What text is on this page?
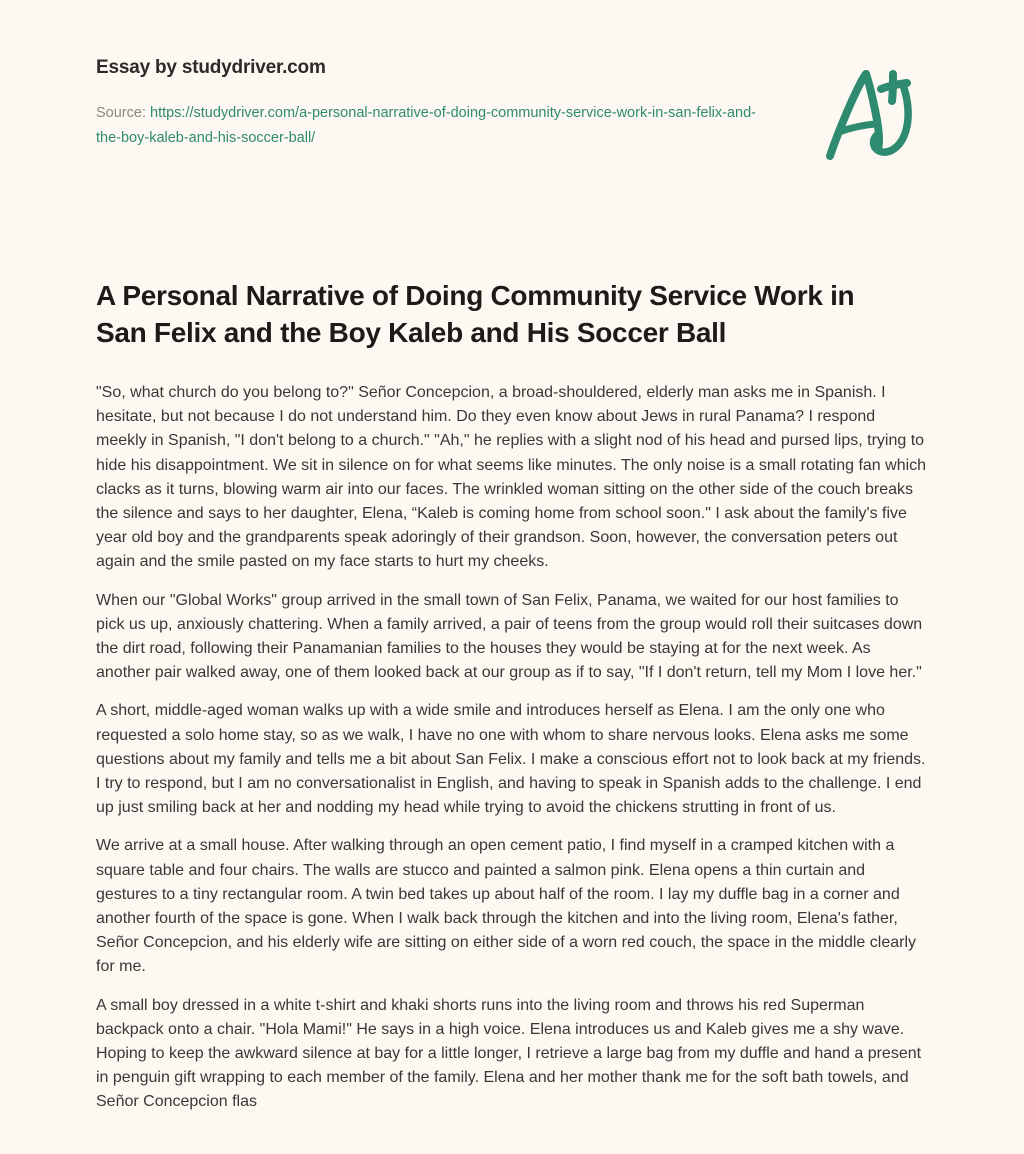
Essay by studydriver.com
Source: https://studydriver.com/a-personal-narrative-of-doing-community-service-work-in-san-felix-and-the-boy-kaleb-and-his-soccer-ball/
A Personal Narrative of Doing Community Service Work in San Felix and the Boy Kaleb and His Soccer Ball

"So, what church do you belong to?" Señor Concepcion, a broad-shouldered, elderly man asks me in Spanish. I hesitate, but not because I do not understand him. Do they even know about Jews in rural Panama? I respond meekly in Spanish, "I don't belong to a church." "Ah," he replies with a slight nod of his head and pursed lips, trying to hide his disappointment. We sit in silence on for what seems like minutes. The only noise is a small rotating fan which clacks as it turns, blowing warm air into our faces. The wrinkled woman sitting on the other side of the couch breaks the silence and says to her daughter, Elena, “Kaleb is coming home from school soon." I ask about the family's five year old boy and the grandparents speak adoringly of their grandson. Soon, however, the conversation peters out again and the smile pasted on my face starts to hurt my cheeks.

When our "Global Works" group arrived in the small town of San Felix, Panama, we waited for our host families to pick us up, anxiously chattering. When a family arrived, a pair of teens from the group would roll their suitcases down the dirt road, following their Panamanian families to the houses they would be staying at for the next week. As another pair walked away, one of them looked back at our group as if to say, "If I don't return, tell my Mom I love her."

A short, middle-aged woman walks up with a wide smile and introduces herself as Elena. I am the only one who requested a solo home stay, so as we walk, I have no one with whom to share nervous looks. Elena asks me some questions about my family and tells me a bit about San Felix. I make a conscious effort not to look back at my friends. I try to respond, but I am no conversationalist in English, and having to speak in Spanish adds to the challenge. I end up just smiling back at her and nodding my head while trying to avoid the chickens strutting in front of us.

We arrive at a small house. After walking through an open cement patio, I find myself in a cramped kitchen with a square table and four chairs. The walls are stucco and painted a salmon pink. Elena opens a thin curtain and gestures to a tiny rectangular room. A twin bed takes up about half of the room. I lay my duffle bag in a corner and another fourth of the space is gone. When I walk back through the kitchen and into the living room, Elena's father, Señor Concepcion, and his elderly wife are sitting on either side of a worn red couch, the space in the middle clearly for me.

A small boy dressed in a white t-shirt and khaki shorts runs into the living room and throws his red Superman backpack onto a chair. "Hola Mami!" He says in a high voice. Elena introduces us and Kaleb gives me a shy wave. Hoping to keep the awkward silence at bay for a little longer, I retrieve a large bag from my duffle and hand a present in penguin gift wrapping to each member of the family. Elena and her mother thank me for the soft bath towels, and Señor Concepcion flas
